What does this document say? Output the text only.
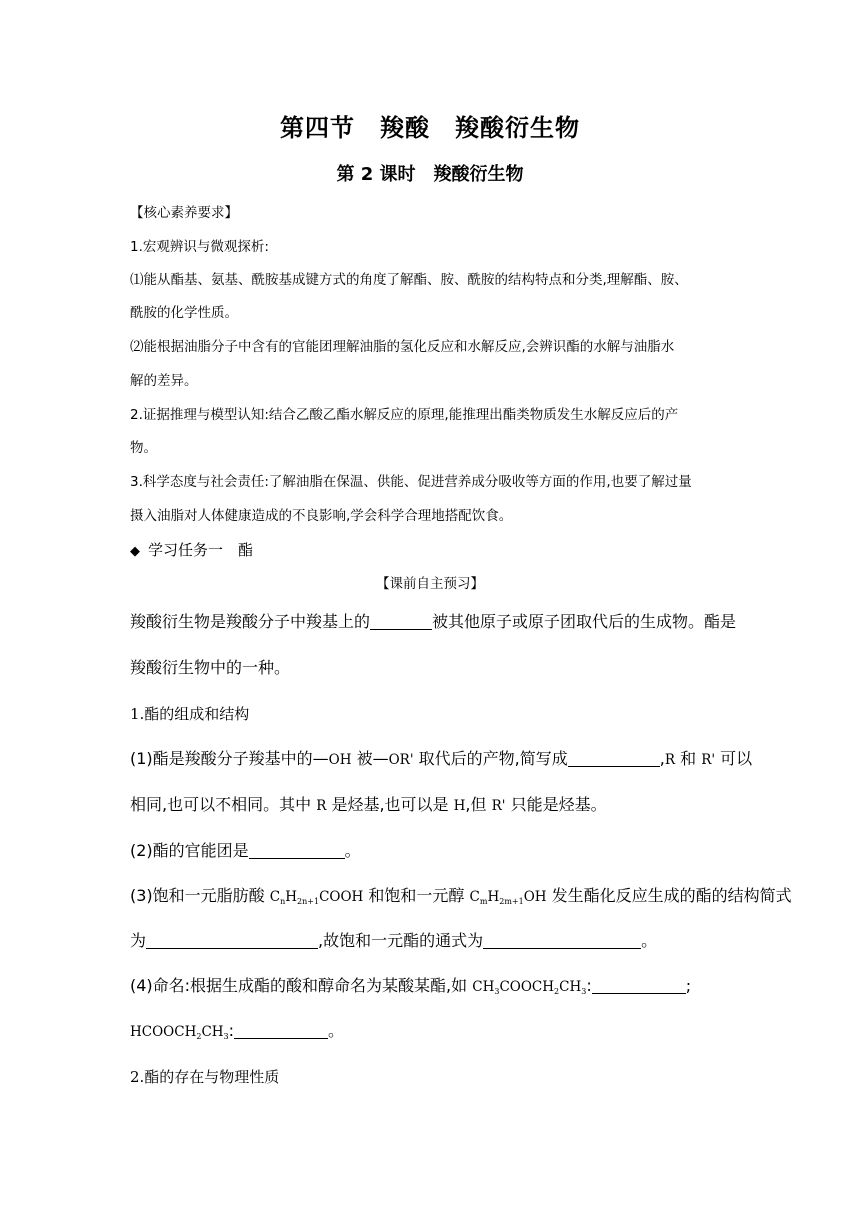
第四节　羧酸　羧酸衍生物
第 2 课时　羧酸衍生物
【核心素养要求】
1.宏观辨识与微观探析:
⑴能从酯基、氨基、酰胺基成键方式的角度了解酯、胺、酰胺的结构特点和分类,理解酯、胺、
酰胺的化学性质。
⑵能根据油脂分子中含有的官能团理解油脂的氢化反应和水解反应,会辨识酯的水解与油脂水
解的差异。
2.证据推理与模型认知:结合乙酸乙酯水解反应的原理,能推理出酯类物质发生水解反应后的产
物。
3.科学态度与社会责任:了解油脂在保温、供能、促进营养成分吸收等方面的作用,也要了解过量
摄入油脂对人体健康造成的不良影响,学会科学合理地搭配饮食。
◆ 学习任务一　酯
【课前自主预习】
羧酸衍生物是羧酸分子中羧基上的	被其他原子或原子团取代后的生成物。酯是
羧酸衍生物中的一种。
1.酯的组成和结构
(1)酯是羧酸分子羧基中的—OH 被—OR' 取代后的产物,简写成	,R 和 R' 可以
相同,也可以不相同。其中 R 是烃基,也可以是 H,但 R' 只能是烃基。
(2)酯的官能团是	。
(3)饱和一元脂肪酸 $C_nH_{2n+1}COOH$ 和饱和一元醇 $C_mH_{2m+1}OH$ 发生酯化反应生成的酯的结构简式
为	,故饱和一元酯的通式为	。
(4)命名:根据生成酯的酸和醇命名为某酸某酯,如 $CH_3COOCH_2CH_3$:	;
$HCOOCH_2CH_3$:	。
2.酯的存在与物理性质
